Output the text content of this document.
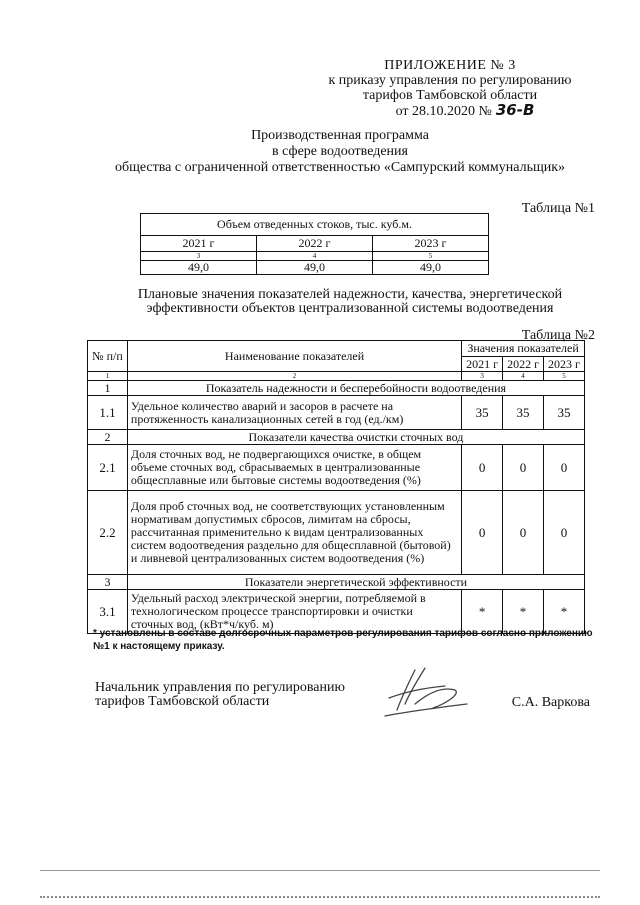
ПРИЛОЖЕНИЕ № 3
к приказу управления по регулированию
тарифов Тамбовской области
от 28.10.2020 № 36-В
Производственная программа
в сфере водоотведения
общества с ограниченной ответственностью «Сампурский коммунальщик»
Таблица №1
Объем отведенных стоков, тыс. куб.м.		
2021 г	2022 г	2023 г
3	4	5
49,0	49,0	49,0
Плановые значения показателей надежности, качества, энергетической
эффективности объектов централизованной системы водоотведения
Таблица №2
№ п/п	Наименование показателей	Значения показателей		
		2021 г	2022 г	2023 г
1	2	3	4	5
1	Показатель надежности и бесперебойности водоотведения			
1.1	Удельное количество аварий и засоров в расчете на протяженность канализационных сетей в год (ед./км)	35	35	35
2	Показатели качества очистки сточных вод			
2.1	Доля сточных вод, не подвергающихся очистке, в общем объеме сточных вод, сбрасываемых в централизованные общесплавные или бытовые системы водоотведения (%)	0	0	0
2.2	Доля проб сточных вод, не соответствующих установленным нормативам допустимых сбросов, лимитам на сбросы, рассчитанная применительно к видам централизованных систем водоотведения раздельно для общесплавной (бытовой) и ливневой централизованных систем водоотведения (%)	0	0	0
3	Показатели энергетической эффективности			
3.1	Удельный расход электрической энергии, потребляемой в технологическом процессе транспортировки и очистки сточных вод, (кВт*ч/куб. м)	*	*	*
* установлены в составе долгосрочных параметров регулирования тарифов согласно приложению №1 к настоящему приказу.
Начальник управления по регулированию
тарифов Тамбовской области	С.А. Варкова
